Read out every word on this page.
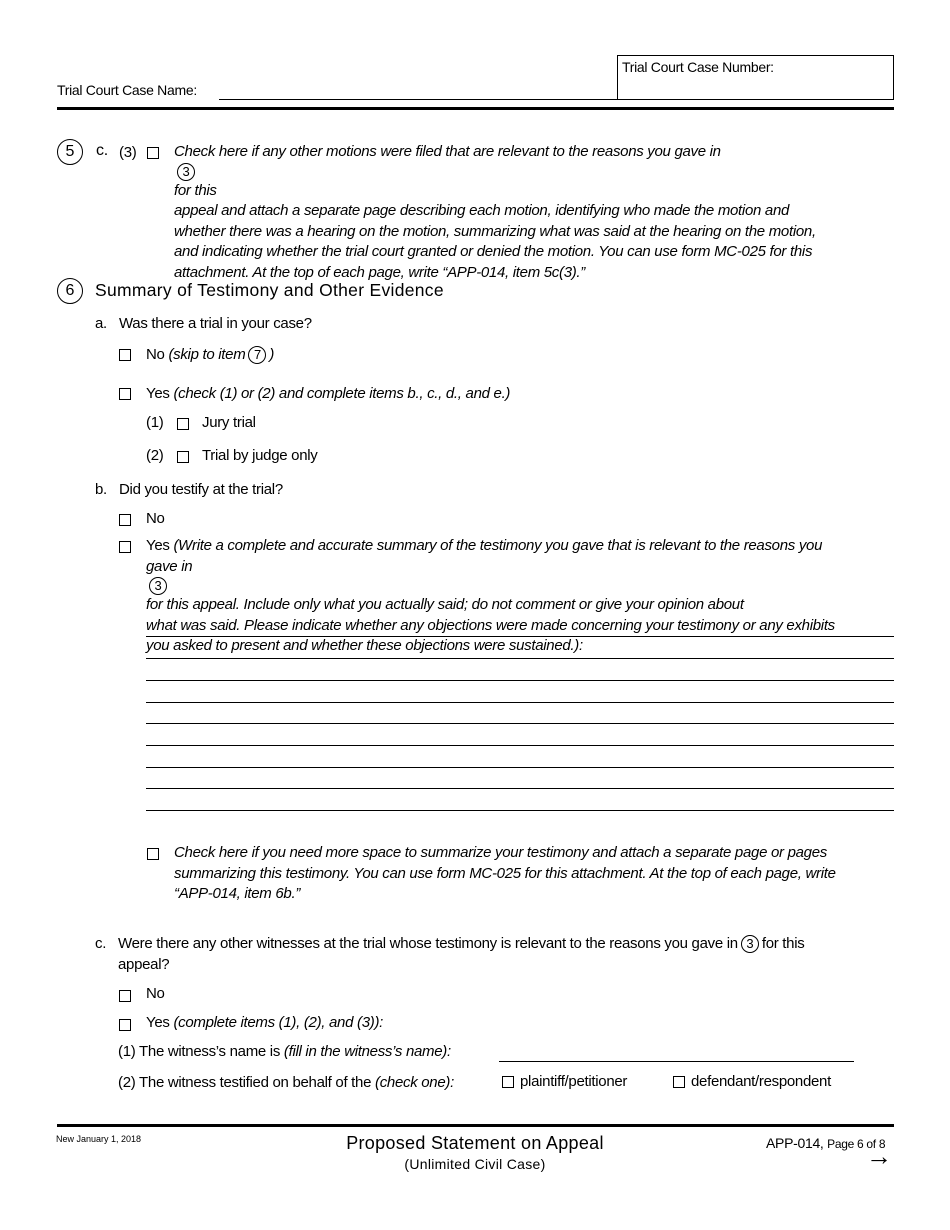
Trial Court Case Name:
Trial Court Case Number:
5	c. (3)	Check here if any other motions were filed that are relevant to the reasons you gave in
3
for this
appeal and attach a separate page describing each motion, identifying who made the motion and
whether there was a hearing on the motion, summarizing what was said at the hearing on the motion,
and indicating whether the trial court granted or denied the motion. You can use form MC-025 for this
attachment. At the top of each page, write “APP-014, item 5c(3).”
6	Summary of Testimony and Other Evidence
a. Was there a trial in your case?
No (skip to item 7 )
Yes (check (1) or (2) and complete items b., c., d., and e.)
(1)	Jury trial
(2)	Trial by judge only
b. Did you testify at the trial?
No
Yes (Write a complete and accurate summary of the testimony you gave that is relevant to the reasons you
gave in
3
for this appeal. Include only what you actually said; do not comment or give your opinion about
what was said. Please indicate whether any objections were made concerning your testimony or any exhibits
you asked to present and whether these objections were sustained.):
Check here if you need more space to summarize your testimony and attach a separate page or pages
summarizing this testimony. You can use form MC-025 for this attachment. At the top of each page, write
“APP-014, item 6b.”
c. Were there any other witnesses at the trial whose testimony is relevant to the reasons you gave in 3 for this
appeal?
No
Yes (complete items (1), (2), and (3)):
(1) The witness’s name is (fill in the witness’s name):
(2) The witness testified on behalf of the (check one):	plaintiff/petitioner	defendant/respondent
New January 1, 2018	Proposed Statement on Appeal
(Unlimited Civil Case)
APP-014, Page 6 of 8
→
